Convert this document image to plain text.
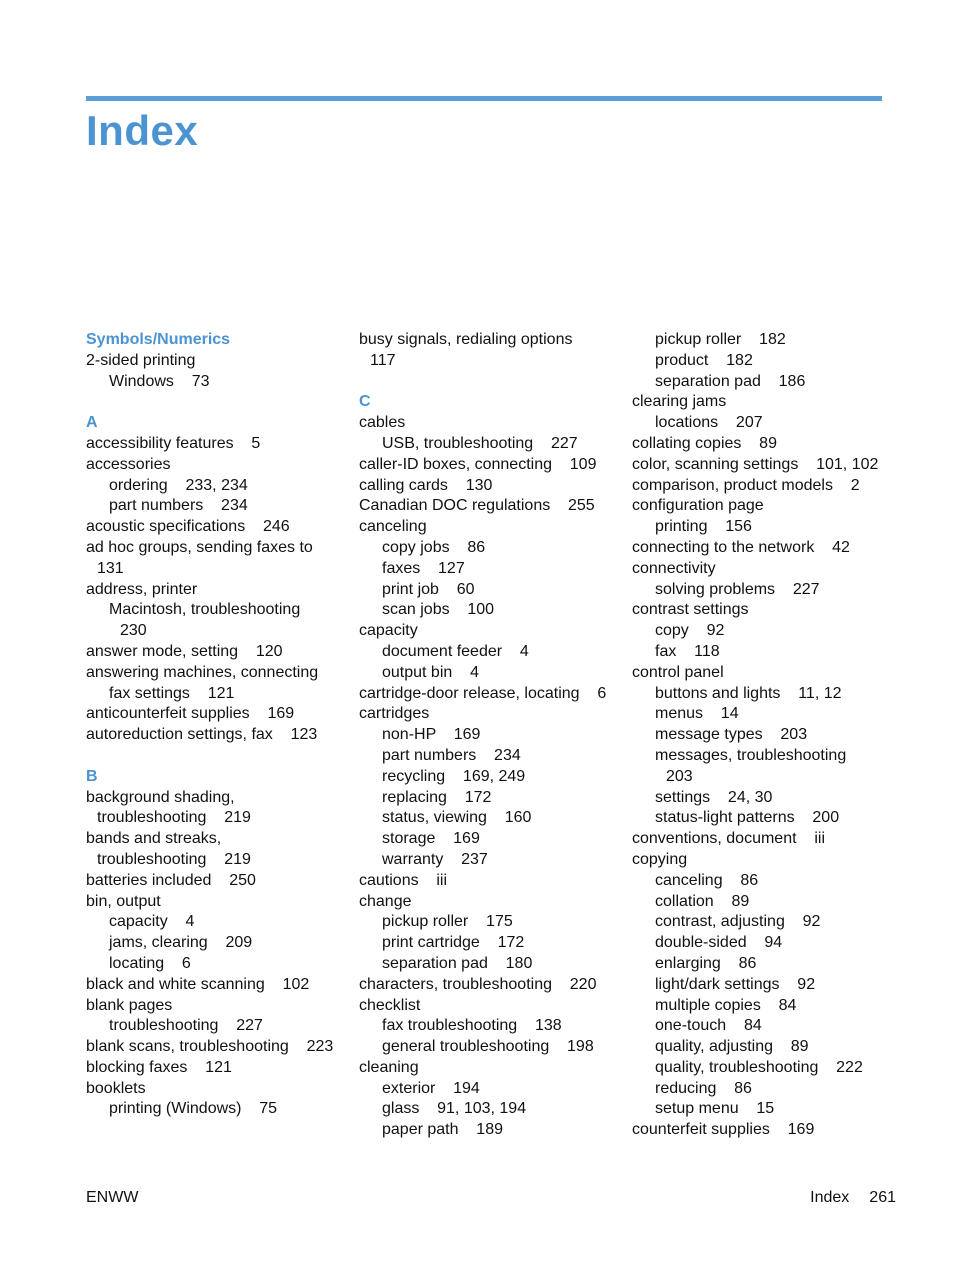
Index
Symbols/Numerics
2-sided printing
Windows    73
A
accessibility features    5
accessories
ordering    233, 234
part numbers    234
acoustic specifications    246
ad hoc groups, sending faxes to
131
address, printer
Macintosh, troubleshooting
230
answer mode, setting    120
answering machines, connecting
fax settings    121
anticounterfeit supplies    169
autoreduction settings, fax    123
B
background shading,
troubleshooting    219
bands and streaks,
troubleshooting    219
batteries included    250
bin, output
capacity    4
jams, clearing    209
locating    6
black and white scanning    102
blank pages
troubleshooting    227
blank scans, troubleshooting    223
blocking faxes    121
booklets
printing (Windows)    75
busy signals, redialing options
117
C
cables
USB, troubleshooting    227
caller-ID boxes, connecting    109
calling cards    130
Canadian DOC regulations    255
canceling
copy jobs    86
faxes    127
print job    60
scan jobs    100
capacity
document feeder    4
output bin    4
cartridge-door release, locating    6
cartridges
non-HP    169
part numbers    234
recycling    169, 249
replacing    172
status, viewing    160
storage    169
warranty    237
cautions    iii
change
pickup roller    175
print cartridge    172
separation pad    180
characters, troubleshooting    220
checklist
fax troubleshooting    138
general troubleshooting    198
cleaning
exterior    194
glass    91, 103, 194
paper path    189
pickup roller    182
product    182
separation pad    186
clearing jams
locations    207
collating copies    89
color, scanning settings    101, 102
comparison, product models    2
configuration page
printing    156
connecting to the network    42
connectivity
solving problems    227
contrast settings
copy    92
fax    118
control panel
buttons and lights    11, 12
menus    14
message types    203
messages, troubleshooting
203
settings    24, 30
status-light patterns    200
conventions, document    iii
copying
canceling    86
collation    89
contrast, adjusting    92
double-sided    94
enlarging    86
light/dark settings    92
multiple copies    84
one-touch    84
quality, adjusting    89
quality, troubleshooting    222
reducing    86
setup menu    15
counterfeit supplies    169
ENWW	Index 261
